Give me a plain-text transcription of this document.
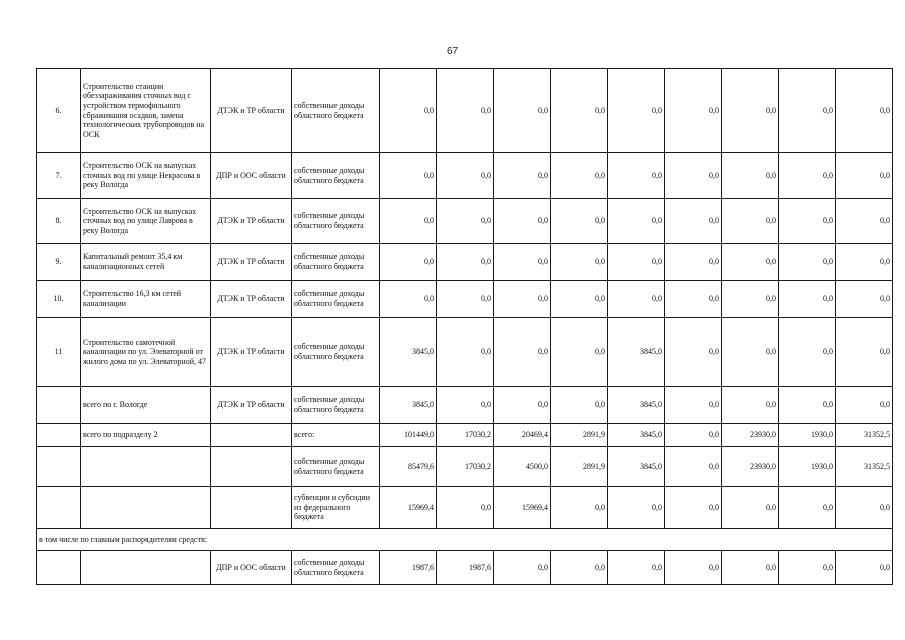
67
6.	Строительство станции обеззараживания сточных вод с устройством термофильного сбраживания осадков, замена технологических трубопроводов на ОСК	ДТЭК и ТР области	собственные доходы областного бюджета	0,0	0,0	0,0	0,0	0,0	0,0	0,0	0,0	0,0
7.	Строительство ОСК на выпусках сточных вод по улице Некрасова в реку Вологда	ДПР и ООС области	собственные доходы областного бюджета	0,0	0,0	0,0	0,0	0,0	0,0	0,0	0,0	0,0
8.	Строительство ОСК на выпусках сточных вод по улице Лаврова в реку Вологда	ДТЭК и ТР области	собственные доходы областного бюджета	0,0	0,0	0,0	0,0	0,0	0,0	0,0	0,0	0,0
9.	Капитальный ремонт 35,4 км канализационных сетей	ДТЭК и ТР области	собственные доходы областного бюджета	0,0	0,0	0,0	0,0	0,0	0,0	0,0	0,0	0,0
10.	Строительство 16,3 км сетей канализации	ДТЭК и ТР области	собственные доходы областного бюджета	0,0	0,0	0,0	0,0	0,0	0,0	0,0	0,0	0,0
11	Строительство самотечной канализации по ул. Элеваторной от жилого дома по ул. Элеваторной, 47	ДТЭК и ТР области	собственные доходы областного бюджета	3845,0	0,0	0,0	0,0	3845,0	0,0	0,0	0,0	0,0
	всего по г. Вологде	ДТЭК и ТР области	собственные доходы областного бюджета	3845,0	0,0	0,0	0,0	3845,0	0,0	0,0	0,0	0,0
	всего по подразделу 2		всего:	101449,0	17030,2	20469,4	2891,9	3845,0	0,0	23930,0	1930,0	31352,5
			собственные доходы областного бюджета	85479,6	17030,2	4500,0	2891,9	3845,0	0,0	23930,0	1930,0	31352,5
			субвенции и субсидии из федерального бюджета	15969,4	0,0	15969,4	0,0	0,0	0,0	0,0	0,0	0,0
в том числе по главным распорядителям средств:												
		ДПР и ООС области	собственные доходы областного бюджета	1987,6	1987,6	0,0	0,0	0,0	0,0	0,0	0,0	0,0
